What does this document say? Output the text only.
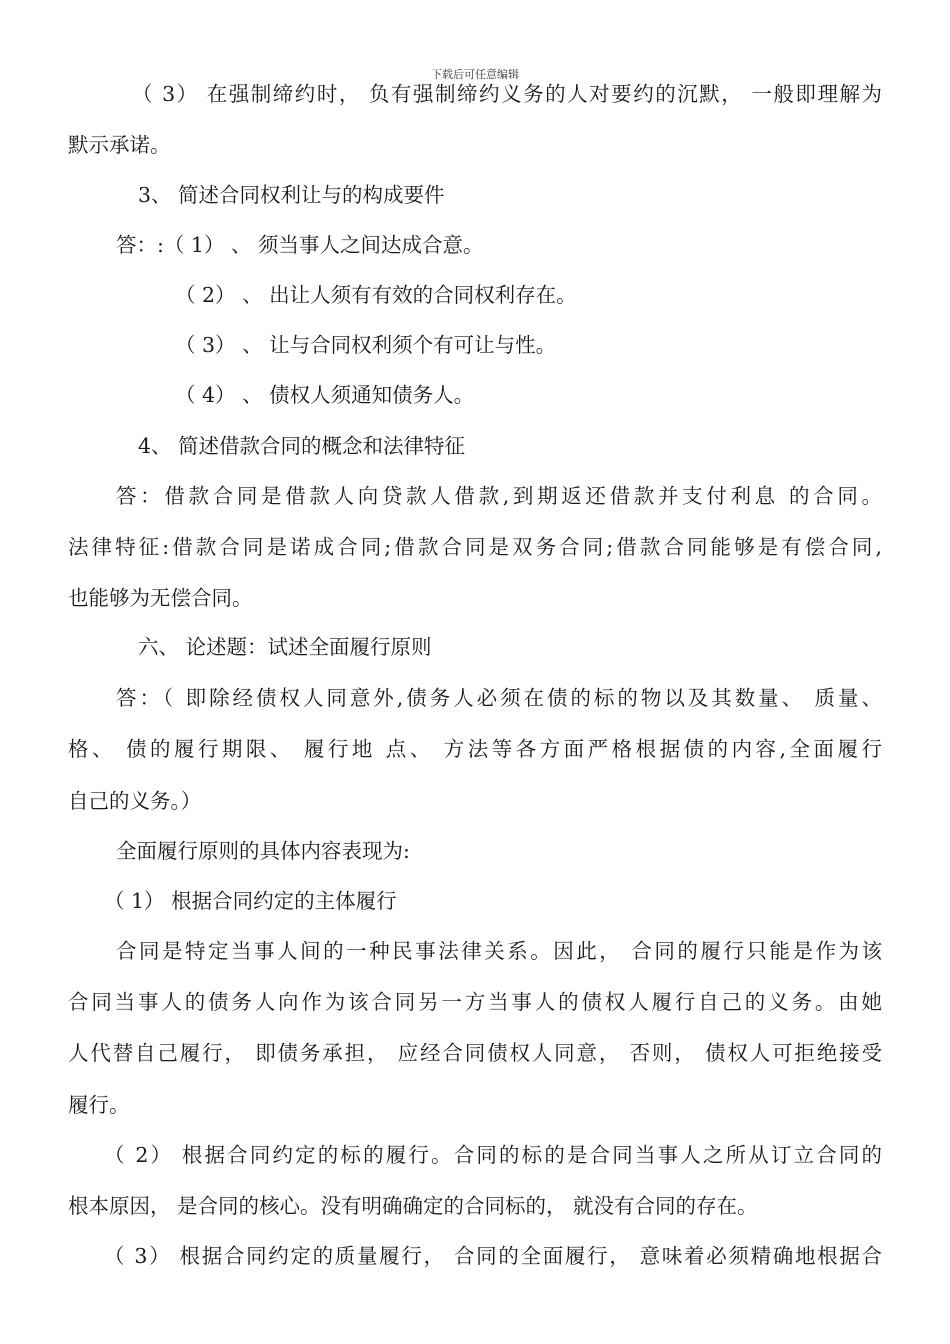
下载后可任意编辑
（ 3） 在强制缔约时， 负有强制缔约义务的人对要约的沉默， 一般即理解为
默示承诺。
3、 简述合同权利让与的构成要件
答：:（ 1） 、 须当事人之间达成合意。
（ 2） 、 出让人须有有效的合同权利存在。
（ 3） 、 让与合同权利须个有可让与性。
（ 4） 、 债权人须通知债务人。
4、 简述借款合同的概念和法律特征
答：借款合同是借款人向贷款人借款,到期返还借款并支付利息 的合同。
法律特征:借款合同是诺成合同;借款合同是双务合同;借款合同能够是有偿合同,
也能够为无偿合同。
六、 论述题：试述全面履行原则
答：（ 即除经债权人同意外,债务人必须在债的标的物以及其数量、 质量、
格、 债的履行期限、 履行地 点、 方法等各方面严格根据债的内容,全面履行
自己的义务。）
全面履行原则的具体内容表现为:
（ 1） 根据合同约定的主体履行
合同是特定当事人间的一种民事法律关系。因此， 合同的履行只能是作为该
合同当事人的债务人向作为该合同另一方当事人的债权人履行自己的义务。由她
人代替自己履行， 即债务承担， 应经合同债权人同意， 否则， 债权人可拒绝接受
履行。
（ 2） 根据合同约定的标的履行。合同的标的是合同当事人之所从订立合同的
根本原因， 是合同的核心。没有明确确定的合同标的， 就没有合同的存在。
（ 3） 根据合同约定的质量履行， 合同的全面履行， 意味着必须精确地根据合
